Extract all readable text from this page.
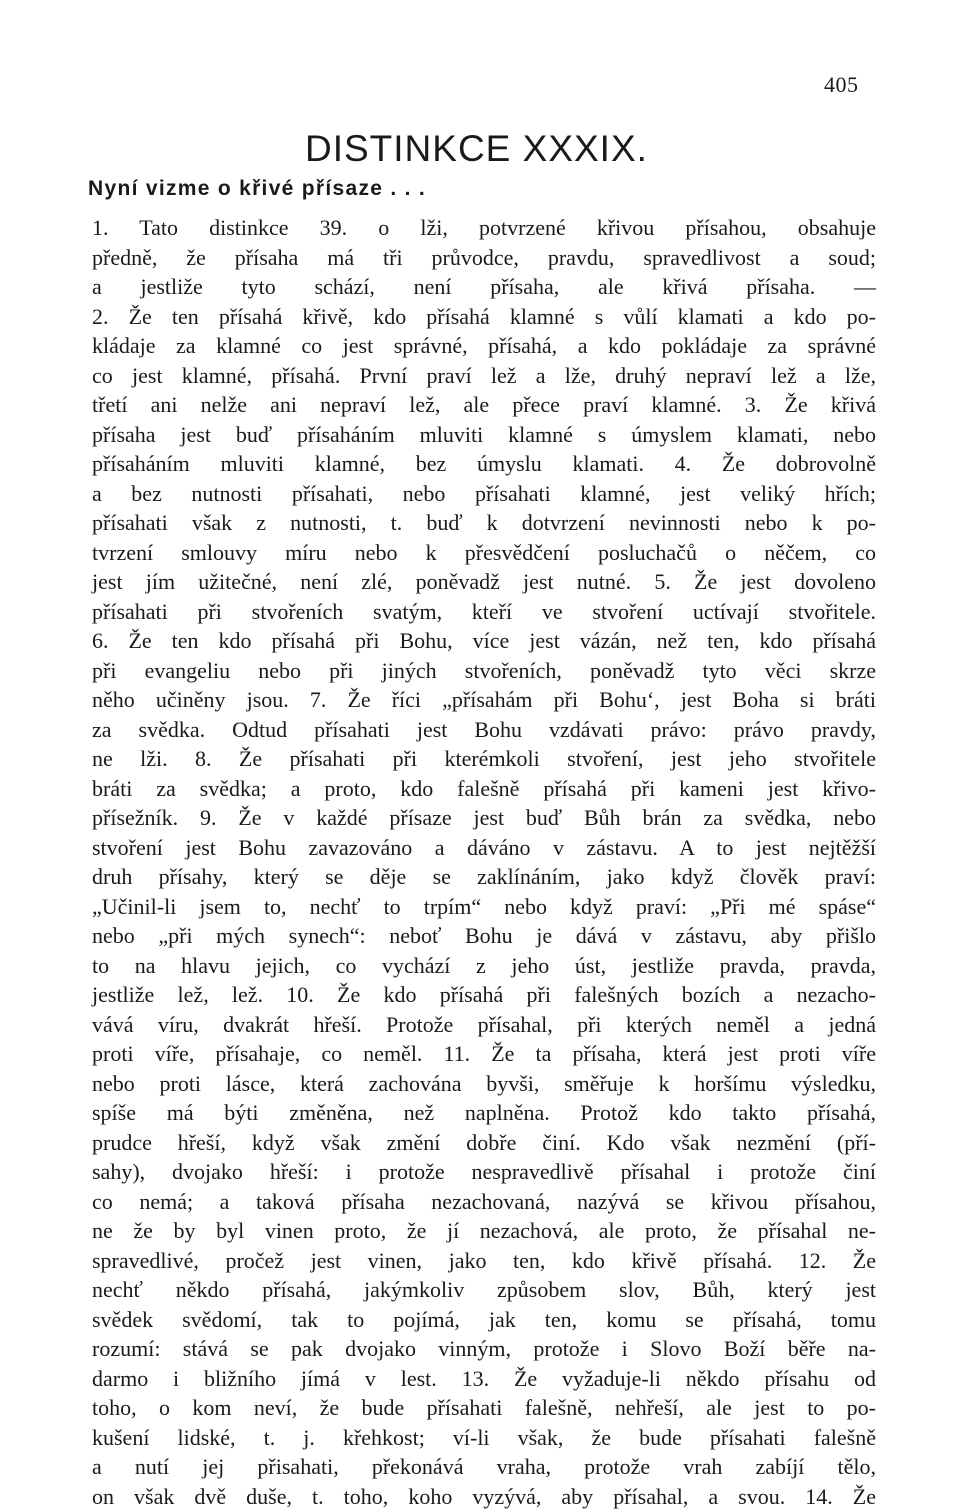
405
DISTINKCE XXXIX.
Nyní vizme o křivé přísaze . . .
1. Tato distinkce 39. o lži, potvrzené křivou přísahou, obsahuje
předně, že přísaha má tři průvodce, pravdu, spravedlivost a soud;
a jestliže tyto schází, není přísaha, ale křivá přísaha. —
2. Že ten přísahá křivě, kdo přísahá klamné s vůlí klamati a kdo po-
kládaje za klamné co jest správné, přísahá, a kdo pokládaje za správné
co jest klamné, přísahá. První praví lež a lže, druhý nepraví lež a lže,
třetí ani nelže ani nepraví lež, ale přece praví klamné. 3. Že křivá
přísaha jest buď přísaháním mluviti klamné s úmyslem klamati, nebo
přísaháním mluviti klamné, bez úmyslu klamati. 4. Že dobrovolně
a bez nutnosti přísahati, nebo přísahati klamné, jest veliký hřích;
přísahati však z nutnosti, t. buď k dotvrzení nevinnosti nebo k po-
tvrzení smlouvy míru nebo k přesvědčení posluchačů o něčem, co
jest jím užitečné, není zlé, poněvadž jest nutné. 5. Že jest dovoleno
přísahati při stvořeních svatým, kteří ve stvoření uctívají stvořitele.
6. Že ten kdo přísahá při Bohu, více jest vázán, než ten, kdo přísahá
při evangeliu nebo při jiných stvořeních, poněvadž tyto věci skrze
něho učiněny jsou. 7. Že říci „přísahám při Bohu‘, jest Boha si bráti
za svědka. Odtud přísahati jest Bohu vzdávati právo: právo pravdy,
ne lži. 8. Že přísahati při kterémkoli stvoření, jest jeho stvořitele
bráti za svědka; a proto, kdo falešně přísahá při kameni jest křivo-
přísežník. 9. Že v každé přísaze jest buď Bůh brán za svědka, nebo
stvoření jest Bohu zavazováno a dáváno v zástavu. A to jest nejtěžší
druh přísahy, který se děje se zaklínáním, jako když člověk praví:
„Učinil-li jsem to, nechť to trpím“ nebo když praví: „Při mé spáse“
nebo „při mých synech“: neboť Bohu je dává v zástavu, aby přišlo
to na hlavu jejich, co vychází z jeho úst, jestliže pravda, pravda,
jestliže lež, lež. 10. Že kdo přísahá při falešných bozích a nezacho-
vává víru, dvakrát hřeší. Protože přísahal, při kterých neměl a jedná
proti víře, přísahaje, co neměl. 11. Že ta přísaha, která jest proti víře
nebo proti lásce, která zachována byvši, směřuje k horšímu výsledku,
spíše má býti změněna, než naplněna. Protož kdo takto přísahá,
prudce hřeší, když však změní dobře činí. Kdo však nezmění (pří-
sahy), dvojako hřeší: i protože nespravedlivě přísahal i protože činí
co nemá; a taková přísaha nezachovaná, nazývá se křivou přísahou,
ne že by byl vinen proto, že jí nezachová, ale proto, že přísahal ne-
spravedlivé, pročež jest vinen, jako ten, kdo křivě přísahá. 12. Že
nechť někdo přísahá, jakýmkoliv způsobem slov, Bůh, který jest
svědek svědomí, tak to pojímá, jak ten, komu se přísahá, tomu
rozumí: stává se pak dvojako vinným, protože i Slovo Boží běře na-
darmo i bližního jímá v lest. 13. Že vyžaduje-li někdo přísahu od
toho, o kom neví, že bude přísahati falešně, nehřeší, ale jest to po-
kušení lidské, t. j. křehkost; ví-li však, že bude přísahati falešně
a nutí jej přisahati, překonává vraha, protože vrah zabíjí tělo,
on však dvě duše, t. toho, koho vyzývá, aby přísahal, a svou. 14. Že
